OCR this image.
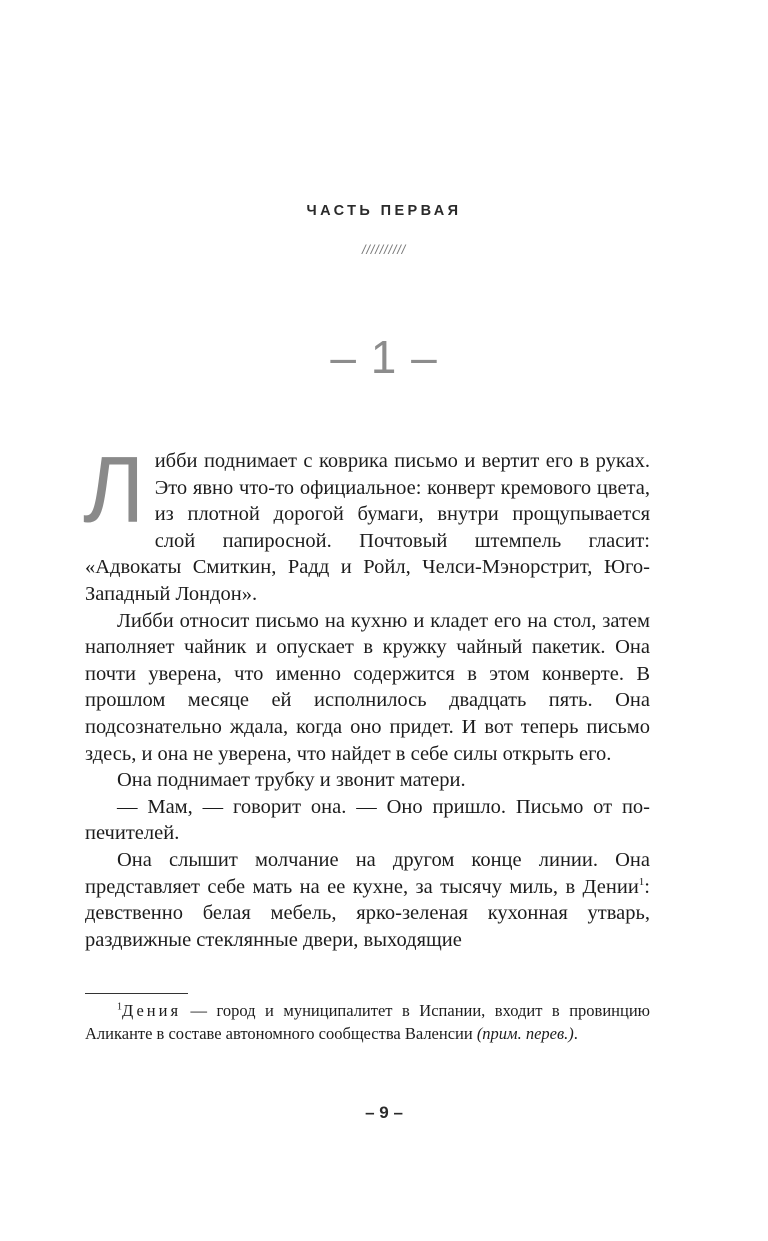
ЧАСТЬ ПЕРВАЯ
//////////
– 1 –

Либби поднимает с коврика письмо и вертит его в руках. Это явно что-то официальное: конверт кремового цвета, из плотной дорогой бумаги, внутри прощупывается слой папиросной. Почтовый штемпель гласит: «Адвокаты Смиткин, Радд и Ройл, Челси-Мэнорстрит, Юго-Западный Лондон».

Либби относит письмо на кухню и кладет его на стол, затем наполняет чайник и опускает в кружку чайный пакетик. Она почти уверена, что именно содержится в этом конверте. В прошлом месяце ей исполнилось двадцать пять. Она подсознательно ждала, когда оно придет. И вот теперь письмо здесь, и она не уверена, что найдет в себе силы открыть его.

Она поднимает трубку и звонит матери.

— Мам, — говорит она. — Оно пришло. Письмо от попечителей.

Она слышит молчание на другом конце линии. Она представляет себе мать на ее кухне, за тысячу миль, в Дении$^1$: девственно белая мебель, ярко-зеленая кухонная утварь, раздвижные стеклянные двери, выходящие

$^1$Дения — город и муниципалитет в Испании, входит в провинцию Аликанте в составе автономного сообщества Валенсии (прим. перев.).

– 9 –
